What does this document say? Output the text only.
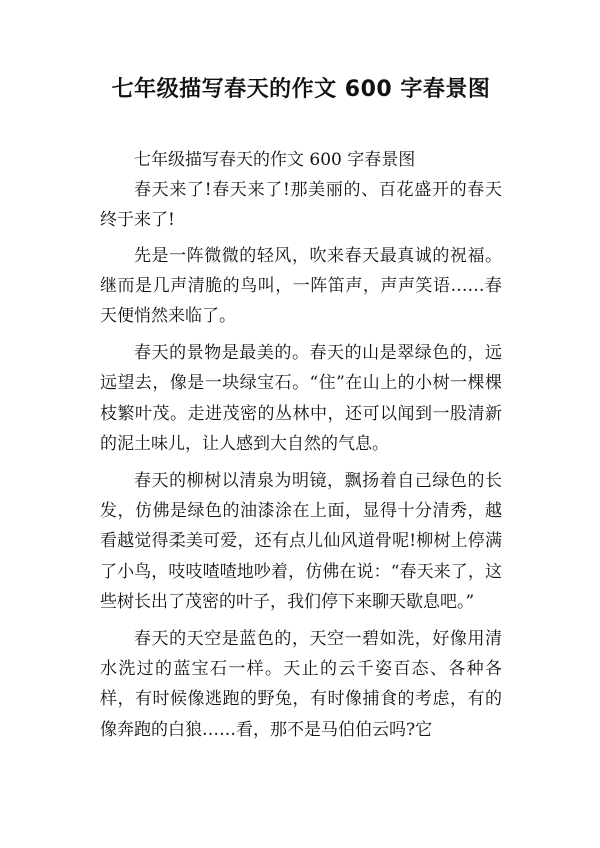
七年级描写春天的作文 600 字春景图

七年级描写春天的作文 600 字春景图

春天来了!春天来了!那美丽的、百花盛开的春天终于来了!

先是一阵微微的轻风，吹来春天最真诚的祝福。继而是几声清脆的鸟叫，一阵笛声，声声笑语……春天便悄然来临了。

春天的景物是最美的。春天的山是翠绿色的，远远望去，像是一块绿宝石。“住”在山上的小树一棵棵枝繁叶茂。走进茂密的丛林中，还可以闻到一股清新的泥土味儿，让人感到大自然的气息。

春天的柳树以清泉为明镜，飘扬着自己绿色的长发，仿佛是绿色的油漆涂在上面，显得十分清秀，越看越觉得柔美可爱，还有点儿仙风道骨呢!柳树上停满了小鸟，吱吱喳喳地吵着，仿佛在说：“春天来了，这些树长出了茂密的叶子，我们停下来聊天歇息吧。”

春天的天空是蓝色的，天空一碧如洗，好像用清水洗过的蓝宝石一样。天止的云千姿百态、各种各样，有时候像逃跑的野兔，有时像捕食的考虑，有的像奔跑的白狼……看，那不是马伯伯云吗?它
